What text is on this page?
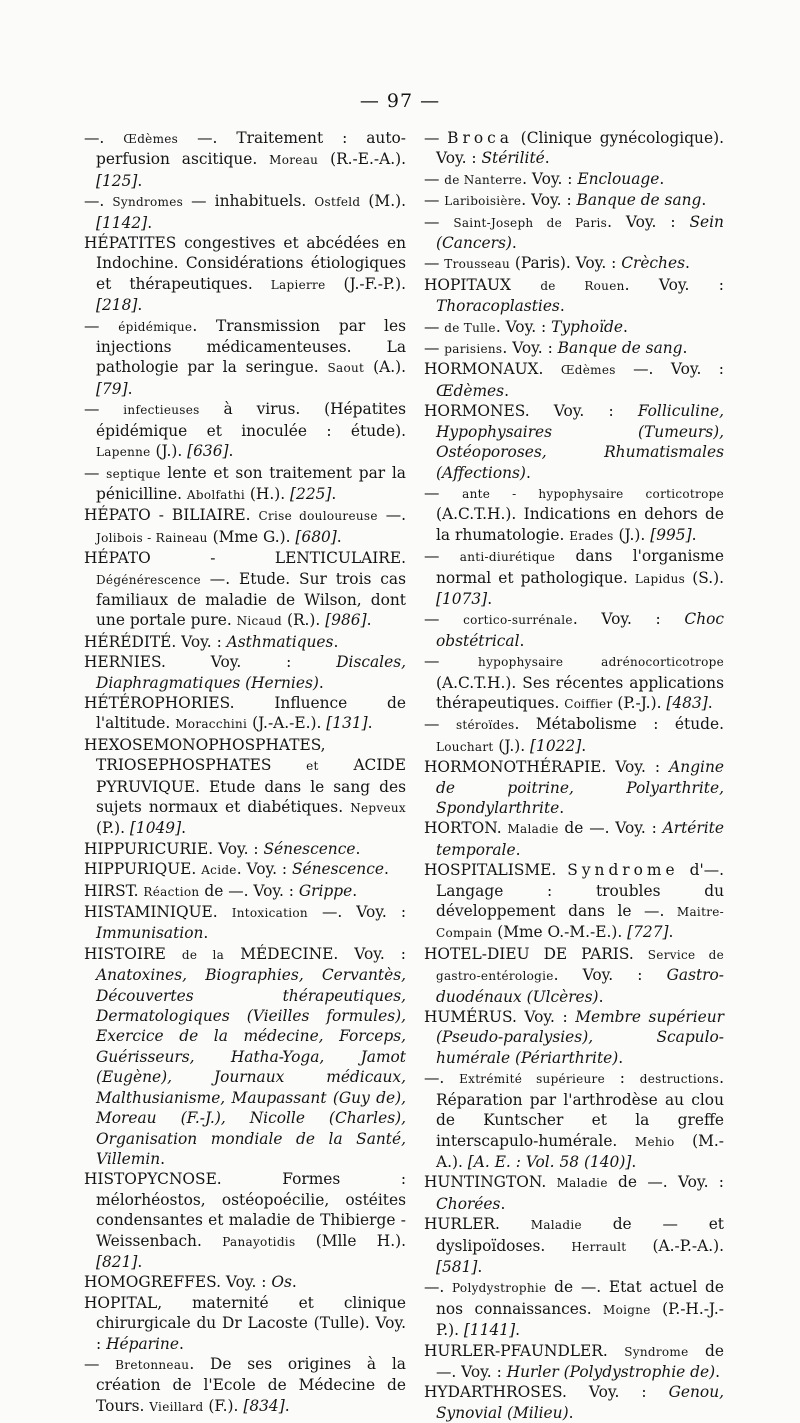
— 97 —

—. Œdèmes —. Traitement : auto-perfusion ascitique. Moreau (R.-E.-A.). [125].

—. Syndromes — inhabituels. Ostfeld (M.). [1142].

HÉPATITES congestives et abcédées en Indochine. Considérations étiologiques et thérapeutiques. Lapierre (J.-F.-P.). [218].

— épidémique. Transmission par les injections médicamenteuses. La pathologie par la seringue. Saout (A.). [79].

— infectieuses à virus. (Hépatites épidémique et inoculée : étude). Lapenne (J.). [636].

— septique lente et son traitement par la pénicilline. Abolfathi (H.). [225].

HÉPATO - BILIAIRE. Crise douloureuse —. Jolibois - Raineau (Mme G.). [680].

HÉPATO - LENTICULAIRE. Dégénérescence —. Etude. Sur trois cas familiaux de maladie de Wilson, dont une portale pure. Nicaud (R.). [986].

HÉRÉDITÉ. Voy. : Asthmatiques.

HERNIES. Voy. : Discales, Diaphragmatiques (Hernies).

HÉTÉROPHORIES. Influence de l'altitude. Moracchini (J.-A.-E.). [131].

HEXOSEMONOPHOSPHATES, TRIOSEPHOSPHATES et ACIDE PYRUVIQUE. Etude dans le sang des sujets normaux et diabétiques. Nepveux (P.). [1049].

HIPPURICURIE. Voy. : Sénescence.

HIPPURIQUE. Acide. Voy. : Sénescence.

HIRST. Réaction de —. Voy. : Grippe.

HISTAMINIQUE. Intoxication —. Voy. : Immunisation.

HISTOIRE de la MÉDECINE. Voy. : Anatoxines, Biographies, Cervantès, Découvertes thérapeutiques, Dermatologiques (Vieilles formules), Exercice de la médecine, Forceps, Guérisseurs, Hatha-Yoga, Jamot (Eugène), Journaux médicaux, Malthusianisme, Maupassant (Guy de), Moreau (F.-J.), Nicolle (Charles), Organisation mondiale de la Santé, Villemin.

HISTOPYCNOSE. Formes : mélorhéostos, ostéopoécilie, ostéites condensantes et maladie de Thibierge - Weissenbach. Panayotidis (Mlle H.). [821].

HOMOGREFFES. Voy. : Os.

HOPITAL, maternité et clinique chirurgicale du Dr Lacoste (Tulle). Voy. : Héparine.

— Bretonneau. De ses origines à la création de l'Ecole de Médecine de Tours. Vieillard (F.). [834].

— Broca (Clinique gynécologique). Voy. : Stérilité.

— de Nanterre. Voy. : Enclouage.

— Lariboisière. Voy. : Banque de sang.

— Saint-Joseph de Paris. Voy. : Sein (Cancers).

— Trousseau (Paris). Voy. : Crèches.

HOPITAUX de Rouen. Voy. : Thoracoplasties.

— de Tulle. Voy. : Typhoïde.

— parisiens. Voy. : Banque de sang.

HORMONAUX. Œdèmes —. Voy. : Œdèmes.

HORMONES. Voy. : Folliculine, Hypophysaires (Tumeurs), Ostéoporoses, Rhumatismales (Affections).

— ante - hypophysaire corticotrope (A.C.T.H.). Indications en dehors de la rhumatologie. Erades (J.). [995].

— anti-diurétique dans l'organisme normal et pathologique. Lapidus (S.). [1073].

— cortico-surrénale. Voy. : Choc obstétrical.

— hypophysaire adrénocorticotrope (A.C.T.H.). Ses récentes applications thérapeutiques. Coiffier (P.-J.). [483].

— stéroïdes. Métabolisme : étude. Louchart (J.). [1022].

HORMONOTHÉRAPIE. Voy. : Angine de poitrine, Polyarthrite, Spondylarthrite.

HORTON. Maladie de —. Voy. : Artérite temporale.

HOSPITALISME. Syndrome d'—. Langage : troubles du développement dans le —. Maitre-Compain (Mme O.-M.-E.). [727].

HOTEL-DIEU DE PARIS. Service de gastro-entérologie. Voy. : Gastro-duodénaux (Ulcères).

HUMÉRUS. Voy. : Membre supérieur (Pseudo-paralysies), Scapulo-humérale (Périarthrite).

—. Extrémité supérieure : destructions. Réparation par l'arthrodèse au clou de Kuntscher et la greffe interscapulo-humérale. Mehio (M.-A.). [A. E. : Vol. 58 (140)].

HUNTINGTON. Maladie de —. Voy. : Chorées.

HURLER. Maladie de — et dyslipoïdoses. Herrault (A.-P.-A.). [581].

—. Polydystrophie de —. Etat actuel de nos connaissances. Moigne (P.-H.-J.-P.). [1141].

HURLER-PFAUNDLER. Syndrome de —. Voy. : Hurler (Polydystrophie de).

HYDARTHROSES. Voy. : Genou, Synovial (Milieu).
